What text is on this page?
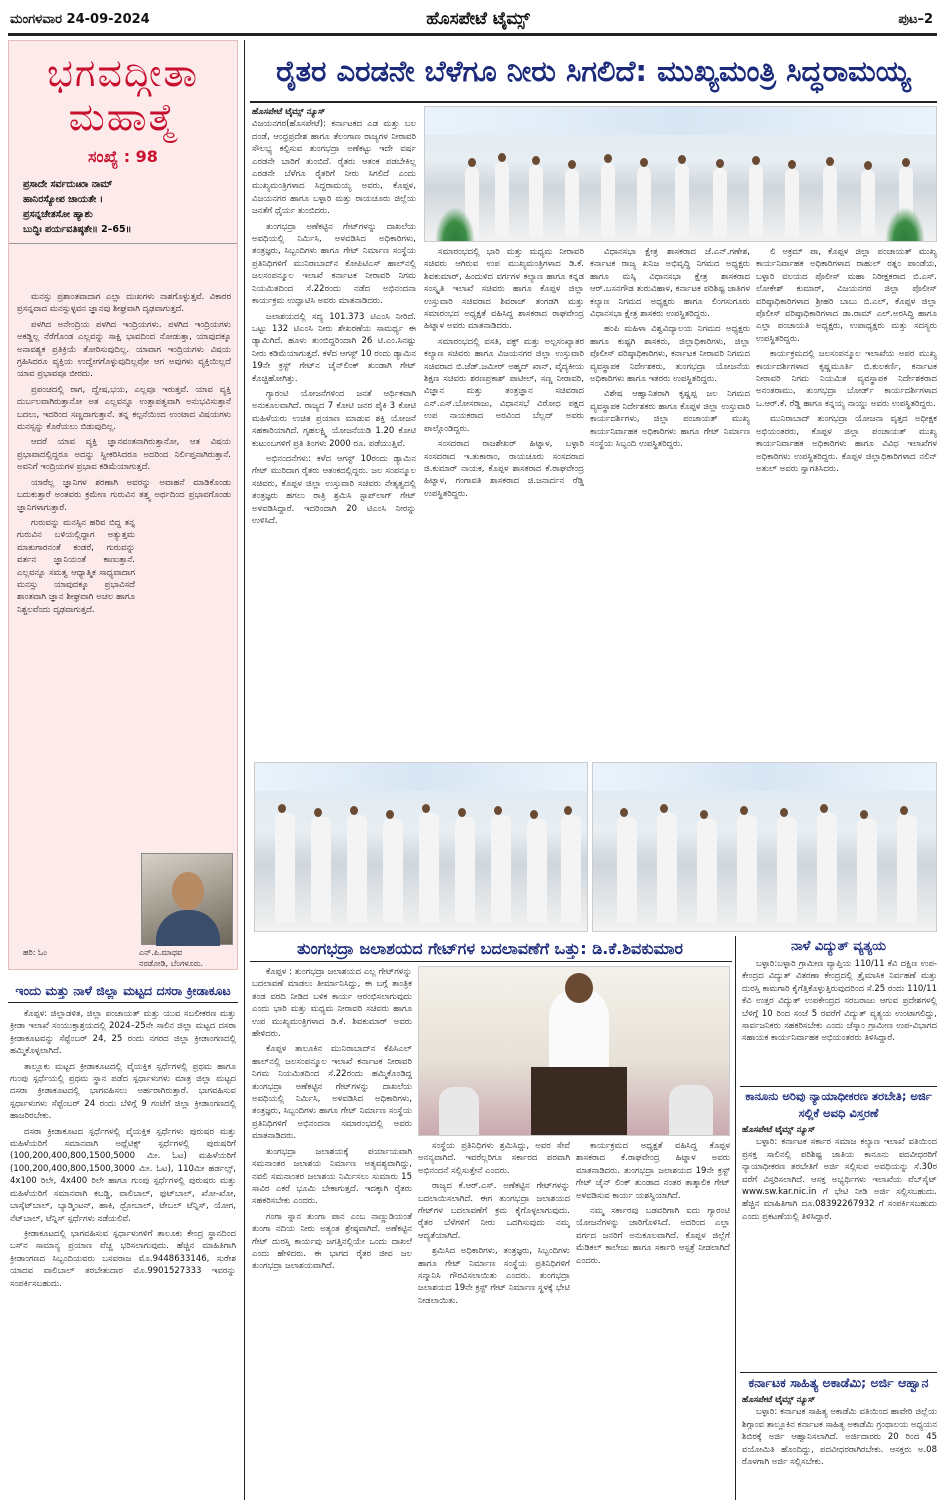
ಮಂಗಳವಾರ 24-09-2024	ಹೊಸಪೇಟೆ ಟೈಮ್ಸ್	ಪುಟ–2
ಭಗವದ್ಗೀತಾ
ಮಹಾತ್ಮೆ
ಸಂಖ್ಯೆ : 98
ಪ್ರಸಾದೇ ಸರ್ವದುಃಖಾ ನಾಮ್
ಹಾನಿರಸ್ಯೋಪ ಜಾಯತೇ ।
ಪ್ರಸನ್ನಚೇತಸೋ ಹ್ಯಾಶು
ಬುದ್ಧಿಃ ಪರ್ಯವತಿಷ್ಠತೇ॥ 2–65॥

ಮನಸ್ಸು ಪ್ರಶಾಂತವಾದಾಗ ಎಲ್ಲಾ ದುಃಖಗಳು ನಾಶಗೊಳ್ಳುತ್ತವೆ. ವಿಕಾರರ ಪ್ರಸನ್ನವಾದ ಮನಸ್ಸುಳ್ಳವನ ಜ್ಞಾನವು ಶೀಘ್ರವಾಗಿ ದೃಢವಾಗುತ್ತದೆ.

ಪಳಗಿದ ಅನೇಂದ್ರಿಯ ಪಳಗಿದ ಇಂದ್ರಿಯಗಳು. ಪಳಗಿದ ಇಂದ್ರಿಯಗಳು ಅಕಡ್ಡಿಲ್ಲ ನೆರೆಗೊಂಡ ಎಲ್ಲವನ್ನು ಸಾಕ್ಷಿ ಭಾವದಿಂದ ನೋಡುತ್ತಾ, ಯಾವುದಕ್ಕೂ ಅನಾವಶ್ಯಕ ಪ್ರತಿಕ್ರಿಯೆ ತೋರಿಸುವುದಿಲ್ಲ. ಯಾವಾಗ ಇಂದ್ರಿಯಗಳು ವಿಷಯ ಗ್ರಹಿಸಿದರೂ ವ್ಯಕ್ತಿಯ ಉದ್ವೇಗಗೊಳ್ಳುವುದಿಲ್ಲವೋ ಆಗ ಅವುಗಳು ವ್ಯಕ್ತಿಯಿಲ್ಲದೆ ಯಾವ ಪ್ರಭಾವವೂ ಬೀರದು.

ಪ್ರಪಂಚದಲ್ಲಿ ರಾಗ, ದ್ವೇಷ,ಭಯ, ಎಲ್ಲವೂ ಇರುತ್ತವೆ. ಯಾವ ವ್ಯಕ್ತಿ ದುರ್ಬಲವಾಗಿರುತ್ತಾನೋ ಅತ ಎಲ್ಲವನ್ನೂ ಉತ್ತಾಪತ್ವವಾಗಿ ಅನುಭವಿಸುತ್ತಾನೆ ಬದಲು, ಇದರಿಂದ ಸಣ್ಣದಾಗುತ್ತಾನೆ. ತನ್ನ ಕಲ್ಪನೆಯಿಂದ ಉಂಟಾದ ವಿಷಯಗಳು ಮನಸ್ಸನ್ನು ಕೊರೆಯಲು ಬಿಡುವುದಿಲ್ಲ.

ಆದರೆ ಯಾವ ವ್ಯಕ್ತಿ ಜ್ಞಾನವಂತನಾಗಿರುತ್ತಾನೋ, ಆತ ವಿಷಯ ಪ್ರಭಾವಾದಲ್ಲಿದ್ದರೂ ಅದನ್ನು ಸ್ವೀಕರಿಸಿದರೂ ಅದರಿಂದ ನಿರ್ಲಿಪ್ತನಾಗಿರುತ್ತಾನೆ. ಅವನಿಗೆ ಇಂದ್ರಿಯಗಳ ಪ್ರಭಾವ ಕಡಿಮೆಯಾಗುತ್ತದೆ.

ಯಾರೆಲ್ಲ ಜ್ಞಾನಿಗಳ ಶರಣಾಗಿ ಅವರನ್ನು ಅವಾಹನೆ ಮಾಡಿಕೊಂಡು ಬದುಕುತ್ತಾರೆ ಅಂತವರು ಕ್ರಮೇಣ ಗುರುವಿನ ತತ್ತ್ವ ಅರ್ಥದಿಂದ ಪ್ರಭಾವಗೊಂಡು ಜ್ಞಾನಿಗಳಾಗುತ್ತಾರೆ.

ಗುರುವನ್ನು ಮನಸ್ಸಿನ ಹರಿವ ಬಿದ್ದ ತನ್ನ ಗುರುವಿನ ಬಳಿಯಲ್ಲಿದ್ದಾಗ ಅತ್ಯುತ್ತಮ ಮಾತುಗಾರನಂತೆ ಕಂಡರೆ, ಗುರುವನ್ನು ವರ್ತನ ಜ್ಞಾನಿಯಂತೆ ಕಾಣುತ್ತಾನೆ. ಎಲ್ಲವನ್ನೂ ಸಮತ್ವ ಆಧ್ಯಾತ್ಮಿಕ ಸಾಧ್ಯವಾದಾಗ ಮನಸ್ಸು ಯಾವುದಕ್ಕೂ ಪ್ರಭಾವಿಸದೆ ಶಾಂತವಾಗಿ ಜ್ಞಾನ ಶೀಘ್ರವಾಗಿ ಅಚಲ ಹಾಗೂ ನಿಶ್ಚಲವೆಂದು ದೃಢವಾಗುತ್ತದೆ.

ಹರಿ: ಓಂ	ಎನ್.ಪಿ.ಮಾಧವ
ನರಡೋಡಿ, ಬೆಂಗಳೂರು.
ಇಂದು ಮತ್ತು ನಾಳೆ ಜಿಲ್ಲಾ ಮಟ್ಟದ ದಸರಾ ಕ್ರೀಡಾಕೂಟ

ಕೊಪ್ಪಳ: ಜಿಲ್ಲಾಡಳಿತ, ಜಿಲ್ಲಾ ಪಂಚಾಯತ್ ಮತ್ತು ಯುವ ಸಬಲೀಕರಣ ಮತ್ತು ಕ್ರೀಡಾ ಇಲಾಖೆ ಸಂಯುಕ್ತಾಶ್ರಯದಲ್ಲಿ 2024–25ನೇ ಸಾಲಿನ ಜಿಲ್ಲಾ ಮಟ್ಟದ ದಸರಾ ಕ್ರೀಡಾಕೂಟವನ್ನು ಸೆಪ್ಟೆಂಬರ್ 24, 25 ರಂದು ನಗರದ ಜಿಲ್ಲಾ ಕ್ರೀಡಾಂಗಣದಲ್ಲಿ ಹಮ್ಮಿಕೊಳ್ಳಲಾಗಿದೆ.

ತಾಲ್ಲೂಕು ಮಟ್ಟದ ಕ್ರೀಡಾಕೂಟದಲ್ಲಿ ವೈಯಕ್ತಿಕ ಸ್ಪರ್ಧೆಗಳಲ್ಲಿ ಪ್ರಥಮ ಹಾಗೂ ಗುಂಪು ಸ್ಪರ್ಧೆಯಲ್ಲಿ ಪ್ರಥಮ ಸ್ಥಾನ ಪಡೆದ ಸ್ಪರ್ಧಾಳುಗಳು ಮಾತ್ರ ಜಿಲ್ಲಾ ಮಟ್ಟದ ದಸರಾ ಕ್ರೀಡಾಕೂಟದಲ್ಲಿ ಭಾಗವಹಿಸಲು ಅರ್ಹರಾಗಿರುತ್ತಾರೆ. ಭಾಗವಹಿಸುವ ಸ್ಪರ್ಧಾಳುಗಳು ಸೆಪ್ಟೆಂಬರ್ 24 ರಂದು ಬೆಳಿಗ್ಗೆ 9 ಗಂಟೆಗೆ ಜಿಲ್ಲಾ ಕ್ರೀಡಾಂಗಣದಲ್ಲಿ ಹಾಜರಿರಬೇಕು.

ದಸರಾ ಕ್ರೀಡಾಕೂಟದ ಸ್ಪರ್ಧೆಗಳಲ್ಲಿ ವೈಯಕ್ತಿಕ ಸ್ಪರ್ಧೆಗಳು ಪುರುಷರ ಮತ್ತು ಮಹಿಳೆಯರಿಗೆ ಸಮಾನವಾಗಿ ಅಥ್ಲೆಟಿಕ್ಸ್ ಸ್ಪರ್ಧೆಗಳಲ್ಲಿ ಪುರುಷರಿಗೆ (100,200,400,800,1500,5000 ಮೀ. ಓಟ) ಮಹಿಳೆಯರಿಗೆ (100,200,400,800,1500,3000 ಮೀ. ಓಟ), 110ಮೀ ಹರ್ಡಲ್ಸ್, 4x100 ರಿಲೇ, 4x400 ರಿಲೇ ಹಾಗೂ ಗುಂಪು ಸ್ಪರ್ಧೆಗಳಲ್ಲಿ ಪುರುಷರು ಮತ್ತು ಮಹಿಳೆಯರಿಗೆ ಸಮಾನವಾಗಿ ಕಬಡ್ಡಿ, ವಾಲಿಬಾಲ್, ಫುಟ್‌ಬಾಲ್, ಖೋ-ಖೋ, ಬಾಸ್ಕೆಟ್‌ಬಾಲ್, ಬ್ಯಾಡ್ಮಿಂಟನ್, ಹಾಕಿ, ಥ್ರೋಬಾಲ್, ಟೇಬಲ್ ಟೆನ್ನಿಸ್, ಯೋಗ, ನೆಟ್‌ಬಾಲ್, ಟೆನ್ನಿಸ್ ಸ್ಪರ್ಧೆಗಳು ನಡೆಯಲಿವೆ.

ಕ್ರೀಡಾಕೂಟದಲ್ಲಿ ಭಾಗವಹಿಸುವ ಸ್ಪರ್ಧಾಳುಗಳಿಗೆ ತಾಲೂಕು ಕೇಂದ್ರ ಸ್ಥಾನದಿಂದ ಬಸ್‌ನ ಸಾಮಾನ್ಯ ಪ್ರಯಾಣ ವೆಚ್ಚ ಭರಿಸಲಾಗುವುದು. ಹೆಚ್ಚಿನ ಮಾಹಿತಿಗಾಗಿ ಕ್ರೀಡಾಂಗಣದ ಸಿಬ್ಬಂದಿಯವರು ಬಸವರಾಜ ಮೊ.9448633146, ಸುರೇಶ ಯಾದವ ವಾಲಿಬಾಲ್ ತರಬೇತುದಾರ ಮೊ.9901527333 ಇವರನ್ನು ಸಂಪರ್ಕಿಸಬಹುದು.

ರೈತರ ಎರಡನೇ ಬೆಳೆಗೂ ನೀರು ಸಿಗಲಿದೆ: ಮುಖ್ಯಮಂತ್ರಿ ಸಿದ್ಧರಾಮಯ್ಯ
ಹೊಸಪೇಟೆ ಟೈಮ್ಸ್ ನ್ಯೂಸ್

ವಿಜಯನಗರ(ಹೊಸಪೇಟೆ): ಕರ್ನಾಟಕದ ಎಡ ಮತ್ತು ಬಲ ದಂಡೆ, ಆಂಧ್ರಪ್ರದೇಶ ಹಾಗೂ ತೆಲಂಗಾಣ ರಾಜ್ಯಗಳ ನೀರಾವರಿ ಸೌಲಭ್ಯ ಕಲ್ಪಿಸುವ ತುಂಗಭದ್ರಾ ಅಣೆಕಟ್ಟು ಇದೇ ವರ್ಷ ಎರಡನೇ ಬಾರಿಗೆ ತುಂಬಿದೆ. ರೈತರು ಆತಂಕ ಪಡಬೇಕಿಲ್ಲ ಎರಡನೇ ಬೆಳೆಗೂ ರೈತರಿಗೆ ನೀರು ಸಿಗಲಿದೆ ಎಂದು ಮುಖ್ಯಮಂತ್ರಿಗಳಾದ ಸಿದ್ದರಾಮಯ್ಯ ಅವರು, ಕೊಪ್ಪಳ, ವಿಜಯನಗರ ಹಾಗೂ ಬಳ್ಳಾರಿ ಮತ್ತು ರಾಯಚೂರು ಜಿಲ್ಲೆಯ ಜನತೆಗೆ ಧೈರ್ಯ ತುಂಬಿದರು.

ತುಂಗಭದ್ರಾ ಅಣೆಕಟ್ಟಿನ ಗೇಟ್‌ಗಳನ್ನು ದಾಖಲೆಯ ಅವಧಿಯಲ್ಲಿ ನಿರ್ಮಿಸಿ, ಅಳವಡಿಸಿದ ಅಧಿಕಾರಿಗಳು, ತಂತ್ರಜ್ಞರು, ಸಿಬ್ಬಂದಿಗಳು ಹಾಗೂ ಗೇಟ್ ನಿರ್ಮಾಣ ಸಂಸ್ಥೆಯ ಪ್ರತಿನಿಧಿಗಳಿಗೆ ಮುನಿರಾಬಾದ್‌ನ ಕೋಪಿಟಿಎಸ್ ಹಾಲ್‌ನಲ್ಲಿ ಜಲಸಂಪನ್ಮೂಲ ಇಲಾಖೆ ಕರ್ನಾಟಕ ನೀರಾವರಿ ನಿಗಮ ನಿಯಮಿತದಿಂದ ಸೆ.22ರಂದು ನಡೆದ ಅಭಿನಂದನಾ ಕಾರ್ಯಕ್ರಮ ಉದ್ಘಾಟಿಸಿ ಅವರು ಮಾತನಾಡಿದರು.

ಜಲಾಶಯದಲ್ಲಿ ಸದ್ಯ 101.373 ಟಿಎಂಸಿ ನೀರಿದೆ. ಒಟ್ಟು 132 ಟಿಎಂಸಿ ನೀರು ಶೇಖರಣೆಯ ಸಾಮರ್ಥ್ಯ ಈ ಡ್ಯಾಮಿಗಿದೆ. ಹೂಳು ತುಂಬಿದ್ದರಿಂದಾಗಿ 26 ಟಿ.ಎಂ.ಸಿನಷ್ಟು ನೀರು ಕಡಿಮೆಯಾಗುತ್ತದೆ. ಕಳೆದ ಆಗಸ್ಟ್ 10 ರಂದು ಡ್ಯಾಮಿನ 19ನೇ ಕ್ರಸ್ಟ್ ಗೇಟ್‌ನ ಚೈನ್‌ಲಿಂಕ್ ತುಂಡಾಗಿ ಗೇಟ್ ಕೊಚ್ಚಿಹೋಗಿತ್ತು.

ಗ್ಯಾರಂಟಿ ಯೋಜನೆಗಳಿಂದ ಜನತೆ ಆರ್ಥಿಕವಾಗಿ ಅನುಕೂಲವಾಗಿದೆ. ರಾಜ್ಯದ 7 ಕೋಟಿ ಜನರ ಪೈಕಿ 3 ಕೋಟಿ ಮಹಿಳೆಯರು ಉಚಿತ ಪ್ರಯಾಣ ಮಾಡುವ ಶಕ್ತಿ ಯೋಜನೆ ಸಹಕಾರಿಯಾಗಿದೆ. ಗೃಹಲಕ್ಷ್ಮಿ ಯೋಜನೆಯಡಿ 1.20 ಕೋಟಿ ಕುಟುಂಬಗಳಿಗೆ ಪ್ರತಿ ತಿಂಗಳು 2000 ರೂ. ಪಡೆಯುತ್ತಿವೆ.

ಅಭಿನಂದನೆಗಳು: ಕಳೆದ ಆಗಸ್ಟ್ 10ರಂದು ಡ್ಯಾಮಿನ ಗೇಟ್ ಮುರಿದಾಗ ರೈತರು ಆತಂಕದಲ್ಲಿದ್ದರು. ಜಲ ಸಂಪನ್ಮೂಲ ಸಚಿವರು, ಕೊಪ್ಪಳ ಜಿಲ್ಲಾ ಉಸ್ತುವಾರಿ ಸಚಿವರು ನೇತೃತ್ವದಲ್ಲಿ ತಂತ್ರಜ್ಞರು ಹಗಲು ರಾತ್ರಿ ಶ್ರಮಿಸಿ ಸ್ಟಾಪ್‌ಲಾಗ್ ಗೇಟ್ ಅಳವಡಿಸಿದ್ದಾರೆ. ಇದರಿಂದಾಗಿ 20 ಟಿಎಂಸಿ ನೀರನ್ನು ಉಳಿಸಿದೆ.

ಸಮಾರಂಭದಲ್ಲಿ ಭಾರಿ ಮತ್ತು ಮಧ್ಯಮ ನೀರಾವರಿ ಸಚಿವರು ಆಗಿರುವ ಉಪ ಮುಖ್ಯಮಂತ್ರಿಗಳಾದ ಡಿ.ಕೆ. ಶಿವಕುಮಾರ್, ಹಿಂದುಳಿದ ವರ್ಗಗಳ ಕಲ್ಯಾಣ ಹಾಗೂ ಕನ್ನಡ ಸಂಸ್ಕೃತಿ ಇಲಾಖೆ ಸಚಿವರು ಹಾಗೂ ಕೊಪ್ಪಳ ಜಿಲ್ಲಾ ಉಸ್ತುವಾರಿ ಸಚಿವರಾದ ಶಿವರಾಜ್ ತಂಗಡಗಿ ಮತ್ತು ಸಮಾರಂಭದ ಅಧ್ಯಕ್ಷತೆ ವಹಿಸಿದ್ದ ಶಾಸಕರಾದ ರಾಘವೇಂದ್ರ ಹಿಟ್ನಾಳ ಅವರು ಮಾತನಾಡಿದರು.

ಸಮಾರಂಭದಲ್ಲಿ ವಸತಿ, ವಕ್ಫ್ ಮತ್ತು ಅಲ್ಪಸಂಖ್ಯಾತರ ಕಲ್ಯಾಣ ಸಚಿವರು ಹಾಗೂ ವಿಜಯನಗರ ಜಿಲ್ಲಾ ಉಸ್ತುವಾರಿ ಸಚಿವರಾದ ಬಿ.ಜೆಡ್.ಜಮೀರ್ ಅಹ್ಮದ್ ಖಾನ್, ವೈದ್ಯಕೀಯ ಶಿಕ್ಷಣ ಸಚಿವರು ಶರಣಪ್ರಕಾಶ್ ಪಾಟೀಲ್, ಸಣ್ಣ ನೀರಾವರಿ, ವಿಜ್ಞಾನ ಮತ್ತು ತಂತ್ರಜ್ಞಾನ ಸಚಿವರಾದ ಎನ್.ಎಸ್.ಬೋಸರಾಜು, ವಿಧಾನಸಭೆ ವಿರೋಧ ಪಕ್ಷದ ಉಪ ನಾಯಕರಾದ ಅರವಿಂದ ಬೆಲ್ಲದ್ ಅವರು ಪಾಲ್ಗೊಂಡಿದ್ದರು.

ಸಂಸದರಾದ ರಾಜಶೇಖರ್ ಹಿಟ್ನಾಳ, ಬಳ್ಳಾರಿ ಸಂಸದರಾದ ಇ.ತುಕಾರಾಂ, ರಾಯಚೂರು ಸಂಸದರಾದ ಜಿ.ಕುಮಾರ್ ನಾಯಕ, ಕೊಪ್ಪಳ ಶಾಸಕರಾದ ಕೆ.ರಾಘವೇಂದ್ರ ಹಿಟ್ನಾಳ, ಗಂಗಾವತಿ ಶಾಸಕರಾದ ಜಿ.ಜನಾರ್ದನ ರೆಡ್ಡಿ ಉಪಸ್ಥಿತರಿದ್ದರು.

ವಿಧಾನಸಭಾ ಕ್ಷೇತ್ರ ಶಾಸಕರಾದ ಜೆ.ಎನ್.ಗಣೇಶ, ಕರ್ನಾಟಕ ರಾಜ್ಯ ಖನಿಜ ಅಭಿವೃದ್ಧಿ ನಿಗಮದ ಅಧ್ಯಕ್ಷರು ಹಾಗೂ ಮಸ್ಕಿ ವಿಧಾನಸಭಾ ಕ್ಷೇತ್ರ ಶಾಸಕರಾದ ಆರ್.ಬಸನಗೌಡ ತುರುವಿಹಾಳ, ಕರ್ನಾಟಕ ಪರಿಶಿಷ್ಟ ಜಾತಿಗಳ ಕಲ್ಯಾಣ ನಿಗಮದ ಅಧ್ಯಕ್ಷರು ಹಾಗೂ ಲಿಂಗಸುಗೂರು ವಿಧಾನಸಭಾ ಕ್ಷೇತ್ರ ಶಾಸಕರು ಉಪಸ್ಥಿತರಿದ್ದರು.

ಹಂಪಿ ಮಹಿಳಾ ವಿಶ್ವವಿದ್ಯಾಲಯ ನಿಗಮದ ಅಧ್ಯಕ್ಷರು ಹಾಗೂ ಕುಷ್ಟಗಿ ಶಾಸಕರು, ಜಿಲ್ಲಾಧಿಕಾರಿಗಳು, ಜಿಲ್ಲಾ ಪೊಲೀಸ್ ವರಿಷ್ಠಾಧಿಕಾರಿಗಳು, ಕರ್ನಾಟಕ ನೀರಾವರಿ ನಿಗಮದ ವ್ಯವಸ್ಥಾಪಕ ನಿರ್ದೇಶಕರು, ತುಂಗಭದ್ರಾ ಯೋಜನೆಯ ಅಧಿಕಾರಿಗಳು ಹಾಗೂ ಇತರರು ಉಪಸ್ಥಿತರಿದ್ದರು.

ವಿಶೇಷ ಆಹ್ವಾನಿತರಾಗಿ ಕೃಷ್ಣಪ್ಪ ಜಲ ನಿಗಮದ ವ್ಯವಸ್ಥಾಪಕ ನಿರ್ದೇಶಕರು ಹಾಗೂ ಕೊಪ್ಪಳ ಜಿಲ್ಲಾ ಉಸ್ತುವಾರಿ ಕಾರ್ಯದರ್ಶಿಗಳು, ಜಿಲ್ಲಾ ಪಂಚಾಯತ್ ಮುಖ್ಯ ಕಾರ್ಯನಿರ್ವಾಹಕ ಅಧಿಕಾರಿಗಳು ಹಾಗೂ ಗೇಟ್ ನಿರ್ಮಾಣ ಸಂಸ್ಥೆಯ ಸಿಬ್ಬಂದಿ ಉಪಸ್ಥಿತರಿದ್ದರು.

ಲಿ ಅಕ್ರಮ್ ಪಾ, ಕೊಪ್ಪಳ ಜಿಲ್ಲಾ ಪಂಚಾಯತ್ ಮುಖ್ಯ ಕಾರ್ಯನಿರ್ವಾಹಕ ಅಧಿಕಾರಿಗಳಾದ ರಾಹುಲ್ ರತ್ನಂ ಪಾಂಡೆಯ, ಬಳ್ಳಾರಿ ವಲಯದ ಪೊಲೀಸ್ ಮಹಾ ನಿರೀಕ್ಷಕರಾದ ಬಿ.ಎಸ್. ಲೋಕೇಶ್ ಕುಮಾರ್, ವಿಜಯನಗರ ಜಿಲ್ಲಾ ಪೊಲೀಸ್ ವರಿಷ್ಠಾಧಿಕಾರಿಗಳಾದ ಶ್ರೀಹರಿ ಬಾಬು ಬಿ.ಎಲ್, ಕೊಪ್ಪಳ ಜಿಲ್ಲಾ ಪೊಲೀಸ್ ವರಿಷ್ಠಾಧಿಕಾರಿಗಳಾದ ಡಾ.ರಾಮ್ ಎಲ್.ಅರಸಿದ್ಧಿ ಹಾಗೂ ಎಲ್ಲಾ ಪಂಚಾಯತಿ ಅಧ್ಯಕ್ಷರು, ಉಪಾಧ್ಯಕ್ಷರು ಮತ್ತು ಸದಸ್ಯರು ಉಪಸ್ಥಿತರಿದ್ದರು.

ಕಾರ್ಯಕ್ರಮದಲ್ಲಿ ಜಲಸಂಪನ್ಮೂಲ ಇಲಾಖೆಯ ಅಪರ ಮುಖ್ಯ ಕಾರ್ಯದರ್ಶಿಗಳಾದ ಕೃಷ್ಣಮೂರ್ತಿ ಬಿ.ಕುಲಕರ್ಣಿ, ಕರ್ನಾಟಕ ನೀರಾವರಿ ನಿಗಮ ನಿಯಮಿತ ವ್ಯವಸ್ಥಾಪಕ ನಿರ್ದೇಶಕರಾದ ಅನಂತರಾಮು, ತುಂಗಭದ್ರಾ ಬೋರ್ಡ್ ಕಾರ್ಯದರ್ಶಿಗಳಾದ ಒ.ಆರ್.ಕೆ. ರೆಡ್ಡಿ ಹಾಗೂ ಕನ್ನಯ್ಯ ನಾಯ್ಡು ಅವರು ಉಪಸ್ಥಿತರಿದ್ದರು.

ಮುನಿರಾಬಾದ್ ತುಂಗಭದ್ರಾ ಯೋಜನಾ ವೃತ್ತದ ಅಧೀಕ್ಷಕ ಅಭಿಯಂತರರು, ಕೊಪ್ಪಳ ಜಿಲ್ಲಾ ಪಂಚಾಯತ್ ಮುಖ್ಯ ಕಾರ್ಯನಿರ್ವಾಹಕ ಅಧಿಕಾರಿಗಳು ಹಾಗೂ ವಿವಿಧ ಇಲಾಖೆಗಳ ಅಧಿಕಾರಿಗಳು ಉಪಸ್ಥಿತರಿದ್ದರು. ಕೊಪ್ಪಳ ಜಿಲ್ಲಾಧಿಕಾರಿಗಳಾದ ನಲಿನ್ ಅತುಲ್ ಅವರು ಸ್ವಾಗತಿಸಿದರು.

ತುಂಗಭದ್ರಾ ಜಲಾಶಯದ ಗೇಟ್‌ಗಳ ಬದಲಾವಣೆಗೆ ಒತ್ತು: ಡಿ.ಕೆ.ಶಿವಕುಮಾರ

ಕೊಪ್ಪಳ : ತುಂಗಭದ್ರಾ ಜಲಾಶಯದ ಎಲ್ಲ ಗೇಟ್‌ಗಳನ್ನು ಬದಲಾವಣೆ ಮಾಡಲು ತೀರ್ಮಾನಿಸಿದ್ದು, ಈ ಬಗ್ಗೆ ತಾಂತ್ರಿಕ ತಂಡ ವರದಿ ನೀಡಿದ ಬಳಿಕ ಕಾರ್ಯ ಆರಂಭಿಸಲಾಗುವುದು ಎಂದು ಭಾರಿ ಮತ್ತು ಮಧ್ಯಮ ನೀರಾವರಿ ಸಚಿವರು ಹಾಗೂ ಉಪ ಮುಖ್ಯಮಂತ್ರಿಗಳಾದ ಡಿ.ಕೆ. ಶಿವಕುಮಾರ್ ಅವರು ಹೇಳಿದರು.

ಕೊಪ್ಪಳ ತಾಲೂಕಿನ ಮುನಿರಾಬಾದ್‌ನ ಕೆಪಿಸಿಎಲ್ ಹಾಲ್‌ನಲ್ಲಿ ಜಲಸಂಪನ್ಮೂಲ ಇಲಾಖೆ ಕರ್ನಾಟಕ ನೀರಾವರಿ ನಿಗಮ ನಿಯಮಿತದಿಂದ ಸೆ.22ರಂದು ಹಮ್ಮಿಕೊಂಡಿದ್ದ ತುಂಗಭದ್ರಾ ಅಣೆಕಟ್ಟಿನ ಗೇಟ್‌ಗಳನ್ನು ದಾಖಲೆಯ ಅವಧಿಯಲ್ಲಿ ನಿರ್ಮಿಸಿ, ಅಳವಡಿಸಿದ ಅಧಿಕಾರಿಗಳು, ತಂತ್ರಜ್ಞರು, ಸಿಬ್ಬಂದಿಗಳು ಹಾಗೂ ಗೇಟ್ ನಿರ್ಮಾಣ ಸಂಸ್ಥೆಯ ಪ್ರತಿನಿಧಿಗಳಿಗೆ ಅಭಿನಂದನಾ ಸಮಾರಂಭದಲ್ಲಿ ಅವರು ಮಾತನಾಡಿದರು.

ತುಂಗಭದ್ರಾ ಜಲಾಶಯಕ್ಕೆ ಪರ್ಯಾಯವಾಗಿ ಸಮನಾಂತರ ಜಲಾಶಯ ನಿರ್ಮಾಣ ಅತ್ಯವಶ್ಯವಾಗಿದ್ದು, ನವಲಿ ಸಮನಾಂತರ ಜಲಾಶಯ ನಿರ್ಮಿಸಲು ಸುಮಾರು 15 ಸಾವಿರ ಎಕರೆ ಭೂಮಿ ಬೇಕಾಗುತ್ತದೆ. ಇದಕ್ಕಾಗಿ ರೈತರು ಸಹಕರಿಸಬೇಕು ಎಂದರು.

ಗಂಗಾ ಸ್ನಾನ ತುಂಗಾ ಪಾನ ಎಂಬ ನಾಣ್ಣುಡಿಯಂತೆ ತುಂಗಾ ನದಿಯ ನೀರು ಅತ್ಯಂತ ಶ್ರೇಷ್ಠವಾಗಿದೆ. ಅಣೆಕಟ್ಟಿನ ಗೇಟ್ ದುರಸ್ತಿ ಕಾರ್ಯವು ಜಗತ್ತಿನಲ್ಲಿಯೇ ಒಂದು ದಾಖಲೆ ಎಂದು ಹೇಳಿದರು. ಈ ಭಾಗದ ರೈತರ ಜೀವ ಜಲ ತುಂಗಭದ್ರಾ ಜಲಾಶಯವಾಗಿದೆ.

ಸಂಸ್ಥೆಯ ಪ್ರತಿನಿಧಿಗಳು ಶ್ರಮಿಸಿದ್ದು, ಅವರ ಸೇವೆ ಅನನ್ಯವಾಗಿದೆ. ಇವರೆಲ್ಲರಿಗೂ ಸರ್ಕಾರದ ಪರವಾಗಿ ಅಭಿನಂದನೆ ಸಲ್ಲಿಸುತ್ತೇನೆ ಎಂದರು.

ರಾಜ್ಯದ ಕೆ.ಆರ್.ಎಸ್. ಅಣೆಕಟ್ಟಿನ ಗೇಟ್‌ಗಳನ್ನು ಬದಲಾಯಿಸಲಾಗಿದೆ. ಈಗ ತುಂಗಭದ್ರಾ ಜಲಾಶಯದ ಗೇಟ್‌ಗಳ ಬದಲಾವಣೆಗೆ ಕ್ರಮ ಕೈಗೊಳ್ಳಲಾಗುವುದು. ರೈತರ ಬೆಳೆಗಳಿಗೆ ನೀರು ಒದಗಿಸುವುದು ನಮ್ಮ ಆದ್ಯತೆಯಾಗಿದೆ.

ಶ್ರಮಿಸಿದ ಅಧಿಕಾರಿಗಳು, ತಂತ್ರಜ್ಞರು, ಸಿಬ್ಬಂದಿಗಳು ಹಾಗೂ ಗೇಟ್ ನಿರ್ಮಾಣ ಸಂಸ್ಥೆಯ ಪ್ರತಿನಿಧಿಗಳಿಗೆ ಸನ್ಮಾನಿಸಿ ಗೌರವಿಸಲಾಯಿತು ಎಂದರು. ತುಂಗಭದ್ರಾ ಜಲಾಶಯದ 19ನೇ ಕ್ರಸ್ಟ್ ಗೇಟ್ ನಿರ್ಮಾಣ ಸ್ಥಳಕ್ಕೆ ಭೇಟಿ ನೀಡಲಾಯಿತು.

ಕಾರ್ಯಕ್ರಮದ ಅಧ್ಯಕ್ಷತೆ ವಹಿಸಿದ್ದ ಕೊಪ್ಪಳ ಶಾಸಕರಾದ ಕೆ.ರಾಘವೇಂದ್ರ ಹಿಟ್ನಾಳ ಅವರು ಮಾತನಾಡಿದರು. ತುಂಗಭದ್ರಾ ಜಲಾಶಯದ 19ನೇ ಕ್ರಸ್ಟ್ ಗೇಟ್ ಚೈನ್ ಲಿಂಕ್ ತುಂಡಾದ ನಂತರ ತಾತ್ಕಾಲಿಕ ಗೇಟ್ ಅಳವಡಿಸುವ ಕಾರ್ಯ ಯಶಸ್ವಿಯಾಗಿದೆ.

ನಮ್ಮ ಸರ್ಕಾರವು ಬಡವರಿಗಾಗಿ ಐದು ಗ್ಯಾರಂಟಿ ಯೋಜನೆಗಳನ್ನು ಜಾರಿಗೊಳಿಸಿದೆ. ಅದರಿಂದ ಎಲ್ಲಾ ವರ್ಗದ ಜನರಿಗೆ ಅನುಕೂಲವಾಗಿದೆ. ಕೊಪ್ಪಳ ಜಿಲ್ಲೆಗೆ ಮೆಡಿಕಲ್ ಕಾಲೇಜು ಹಾಗೂ ಸರ್ಕಾರಿ ಆಸ್ಪತ್ರೆ ನೀಡಲಾಗಿದೆ ಎಂದರು.

ನಾಳೆ ವಿದ್ಯುತ್ ವ್ಯತ್ಯಯ

ಬಳ್ಳಾರಿ:ಬಳ್ಳಾರಿ ಗ್ರಾಮೀಣ ವ್ಯಾಪ್ತಿಯ 110/11 ಕೆವಿ ದಕ್ಷಿಣ ಉಪ-ಕೇಂದ್ರದ ವಿದ್ಯುತ್ ವಿತರಣಾ ಕೇಂದ್ರದಲ್ಲಿ ತ್ರೈಮಾಸಿಕ ನಿರ್ವಹಣೆ ಮತ್ತು ದುರಸ್ತಿ ಕಾಮಗಾರಿ ಕೈಗೆತ್ತಿಕೊಳ್ಳುತ್ತಿರುವುದರಿಂದ ಸೆ.25 ರಂದು 110/11 ಕೆವಿ ಉತ್ತರ ವಿದ್ಯುತ್ ಉಪಕೇಂದ್ರದ ಸರಬರಾಜು ಆಗುವ ಪ್ರದೇಶಗಳಲ್ಲಿ ಬೆಳಿಗ್ಗೆ 10 ರಿಂದ ಸಂಜೆ 5 ರವರೆಗೆ ವಿದ್ಯುತ್ ವ್ಯತ್ಯಯ ಉಂಟಾಗಲಿದ್ದು, ಸಾರ್ವಜನಿಕರು ಸಹಕರಿಸಬೇಕು ಎಂದು ಜೆಸ್ಕಾಂ ಗ್ರಾಮೀಣ ಉಪ-ವಿಭಾಗದ ಸಹಾಯಕ ಕಾರ್ಯನಿರ್ವಾಹಕ ಅಭಿಯಂತರರು ತಿಳಿಸಿದ್ದಾರೆ.

ಕಾನೂನು ಅರಿವು ನ್ಯಾಯಾಧೀಕರಣ ತರಬೇತಿ; ಅರ್ಜಿ ಸಲ್ಲಿಕೆ ಅವಧಿ ವಿಸ್ತರಣೆ
ಹೊಸಪೇಟೆ ಟೈಮ್ಸ್ ನ್ಯೂಸ್

ಬಳ್ಳಾರಿ: ಕರ್ನಾಟಕ ಸರ್ಕಾರ ಸಮಾಜ ಕಲ್ಯಾಣ ಇಲಾಖೆ ವತಿಯಿಂದ ಪ್ರಸಕ್ತ ಸಾಲಿನಲ್ಲಿ ಪರಿಶಿಷ್ಟ ಜಾತಿಯ ಕಾನೂನು ಪದವೀಧರರಿಗೆ ನ್ಯಾಯಾಧೀಕರಣ ತರಬೇತಿಗೆ ಅರ್ಜಿ ಸಲ್ಲಿಸುವ ಅವಧಿಯನ್ನು ಸೆ.30ರ ವರೆಗೆ ವಿಸ್ತರಿಸಲಾಗಿದೆ. ಆಸಕ್ತ ಅಭ್ಯರ್ಥಿಗಳು ಇಲಾಖೆಯ ವೆಬ್‌ಸೈಟ್ www.sw.kar.nic.in ಗೆ ಭೇಟಿ ನೀಡಿ ಅರ್ಜಿ ಸಲ್ಲಿಸಬಹುದು. ಹೆಚ್ಚಿನ ಮಾಹಿತಿಗಾಗಿ ದೂ.08392267932 ಗೆ ಸಂಪರ್ಕಿಸಬಹುದು ಎಂದು ಪ್ರಕಟಣೆಯಲ್ಲಿ ತಿಳಿಸಿದ್ದಾರೆ.

ಕರ್ನಾಟಕ ಸಾಹಿತ್ಯ ಅಕಾಡೆಮಿ; ಅರ್ಜಿ ಆಹ್ವಾನ
ಹೊಸಪೇಟೆ ಟೈಮ್ಸ್ ನ್ಯೂಸ್

ಬಳ್ಳಾರಿ: ಕರ್ನಾಟಕ ಸಾಹಿತ್ಯ ಅಕಾಡೆಮಿ ವತಿಯಿಂದ ಹಾವೇರಿ ಜಿಲ್ಲೆಯ ಶಿಗ್ಗಾಂವ ತಾಲ್ಲೂಕಿನ ಕರ್ನಾಟಕ ಸಾಹಿತ್ಯ ಅಕಾಡೆಮಿ ಗ್ರಂಥಾಲಯ ಅಧ್ಯಯನ ಶಿಬಿರಕ್ಕೆ ಅರ್ಜಿ ಆಹ್ವಾನಿಸಲಾಗಿದೆ. ಅರ್ಜಿದಾರರು 20 ರಿಂದ 45 ವಯೋಮಿತಿ ಹೊಂದಿದ್ದು, ಪದವೀಧರರಾಗಿರಬೇಕು. ಆಸಕ್ತರು ಅ.08 ರೊಳಗಾಗಿ ಅರ್ಜಿ ಸಲ್ಲಿಸಬೇಕು.
